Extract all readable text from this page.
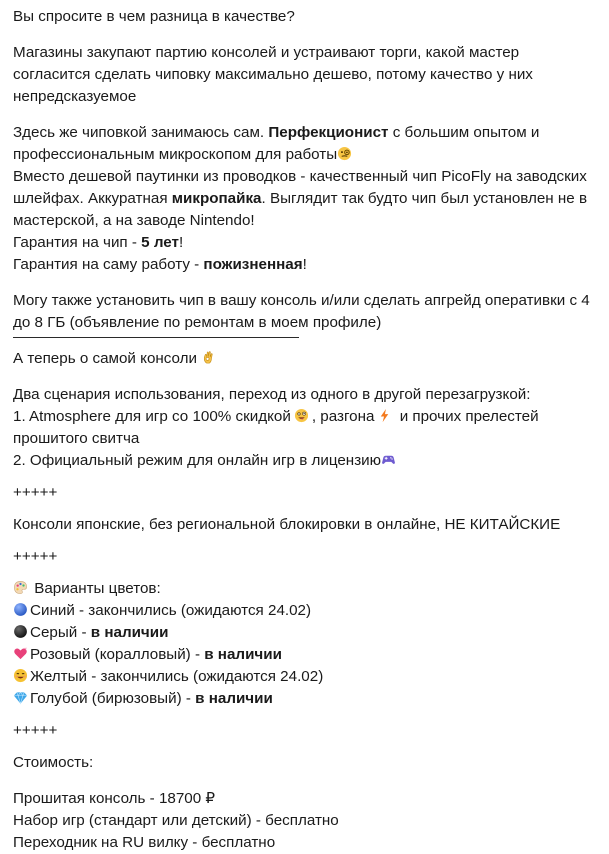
Вы спросите в чем разница в качестве?

Магазины закупают партию консолей и устраивают торги, какой мастер согласится сделать чиповку максимально дешево, потому качество у них непредсказуемое

Здесь же чиповкой занимаюсь сам. Перфекционист с большим опытом и профессиональным микроскопом для работы

Вместо дешевой паутинки из проводков - качественный чип PicoFly на заводских шлейфах. Аккуратная микропайка. Выглядит так будто чип был установлен не в мастерской, а на заводе Nintendo!

Гарантия на чип - 5 лет!

Гарантия на саму работу - пожизненная!

Могу также установить чип в вашу консоль и/или сделать апгрейд оперативки с 4 до 8 ГБ (объявление по ремонтам в моем профиле)

А теперь о самой консоли

Два сценария использования, переход из одного в другой перезагрузкой:

1. Atmosphere для игр со 100% скидкой , разгона
и прочих прелестей прошитого свитча

2. Официальный режим для онлайн игр в лицензию

+++++

Консоли японские, без региональной блокировки в онлайне, НЕ КИТАЙСКИЕ

+++++

Варианты цветов:

Синий - закончились (ожидаются 24.02)

Серый - в наличии

Розовый (коралловый) - в наличии

Желтый - закончились (ожидаются 24.02)

Голубой (бирюзовый) - в наличии

+++++

Стоимость:

Прошитая консоль - 18700 ₽

Набор игр (стандарт или детский) - бесплатно

Переходник на RU вилку - бесплатно
